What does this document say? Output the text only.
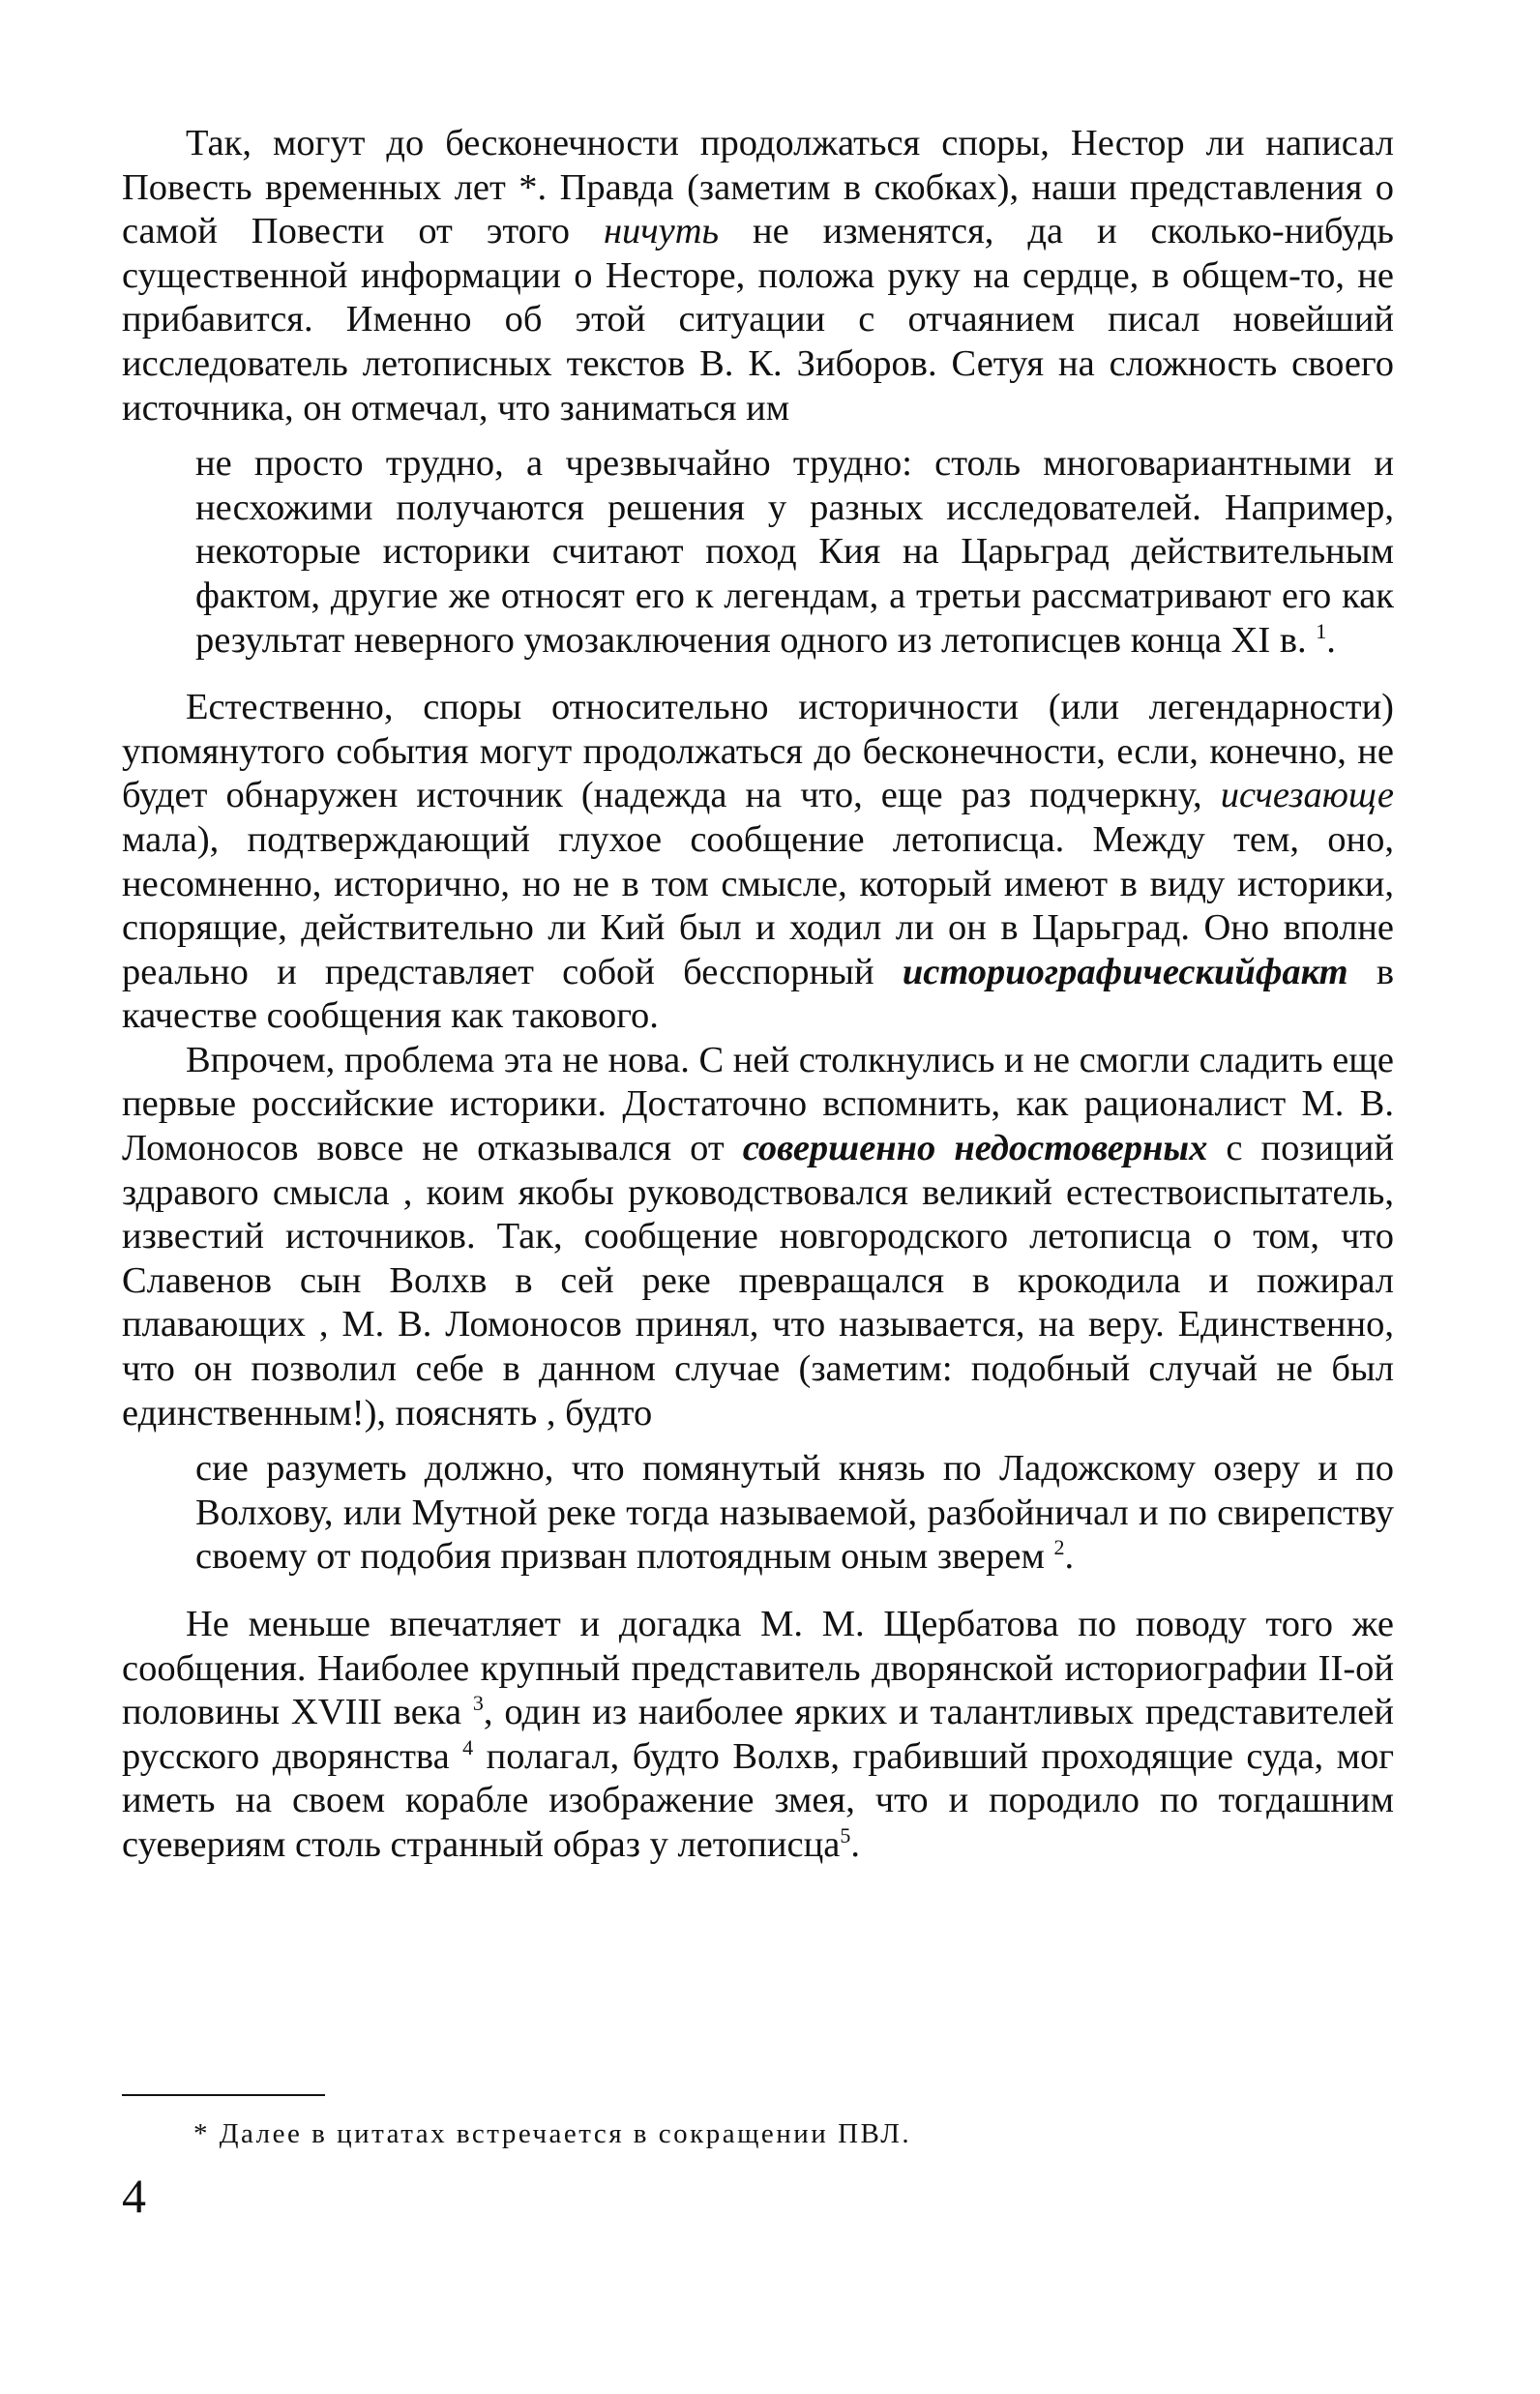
Так, могут до бесконечности продолжаться споры, Нестор ли написал Повесть временных лет *. Правда (заметим в скобках), наши представления о самой Повести от этого ничуть не изменятся, да и сколько-нибудь существенной информации о Несторе, положа руку на сердце, в общем-то, не прибавится. Именно об этой ситуации с отчаянием писал новейший исследователь летописных текстов В. К. Зиборов. Сетуя на сложность своего источника, он отмечал, что заниматься им

не просто трудно, а чрезвычайно трудно: столь многовариантными и несхожими получаются решения у разных исследователей. Например, некоторые историки считают поход Кия на Царьград действительным фактом, другие же относят его к легендам, а третьи рассматривают его как результат неверного умозаключения одного из летописцев конца XI в. $^1$.

Естественно, споры относительно историчности (или легендарности) упомянутого события могут продолжаться до бесконечности, если, конечно, не будет обнаружен источник (надежда на что, еще раз подчеркну, исчезающе мала), подтверждающий глухое сообщение летописца. Между тем, оно, несомненно, исторично, но не в том смысле, который имеют в виду историки, спорящие, действительно ли Кий был и ходил ли он в Царьград. Оно вполне реально и представляет собой бесспорный историографическийфакт в качестве сообщения как такового.

Впрочем, проблема эта не нова. С ней столкнулись и не смогли сладить еще первые российские историки. Достаточно вспомнить, как рационалист М. В. Ломоносов вовсе не отказывался от совершенно недостоверных с позиций здравого смысла , коим якобы руководствовался великий естествоиспытатель, известий источников. Так, сообщение новгородского летописца о том, что Славенов сын Волхв в сей реке превращался в крокодила и пожирал плавающих , М. В. Ломоносов принял, что называется, на веру. Единственно, что он позволил себе в данном случае (заметим: подобный случай не был единственным!), пояснять , будто

сие разуметь должно, что помянутый князь по Ладожскому озеру и по Волхову, или Мутной реке тогда называемой, разбойничал и по свирепству своему от подобия призван плотоядным оным зверем $^2$.

Не меньше впечатляет и догадка М. М. Щербатова по поводу того же сообщения. Наиболее крупный представитель дворянской историографии II-ой половины XVIII века $^3$, один из наиболее ярких и талантливых представителей русского дворянства $^4$ полагал, будто Волхв, грабивший проходящие суда, мог иметь на своем корабле изображение змея, что и породило по тогдашним суевериям столь странный образ у летописца$^5$.

* Далее в цитатах встречается в сокращении ПВЛ.
4
